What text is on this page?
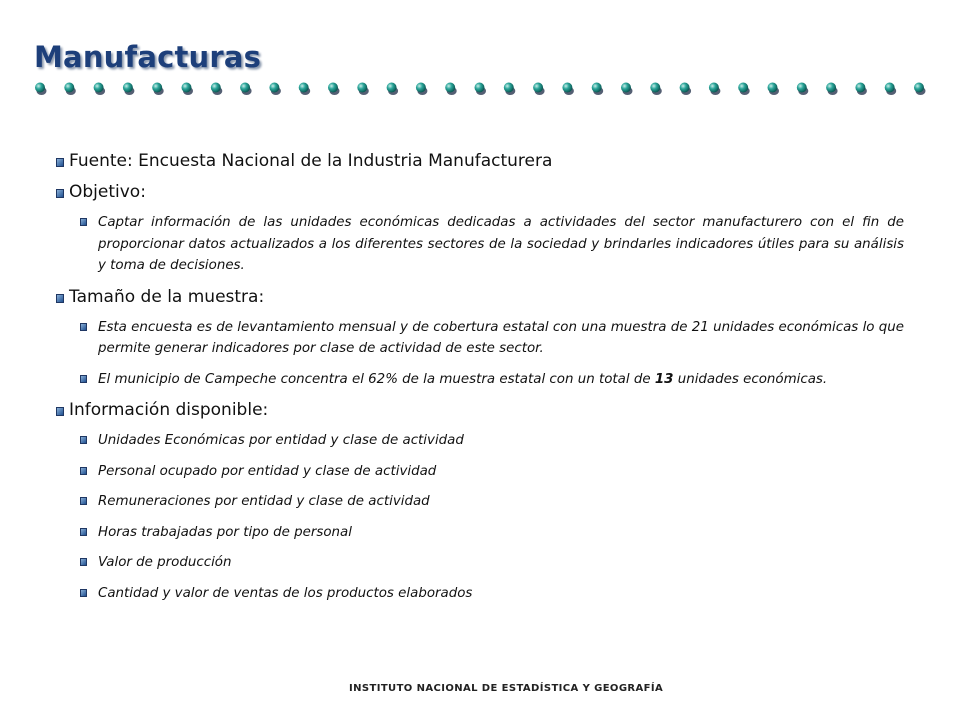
Manufacturas
Fuente: Encuesta Nacional de la Industria Manufacturera
Objetivo:
Captar información de las unidades económicas dedicadas a actividades del sector manufacturero con el fin de proporcionar datos actualizados a los diferentes sectores de la sociedad y brindarles indicadores útiles para su análisis y toma de decisiones.
Tamaño de la muestra:
Esta encuesta es de levantamiento mensual y de cobertura estatal con una muestra de 21 unidades económicas lo que permite generar indicadores por clase de actividad de este sector.
El municipio de Campeche concentra el 62% de la muestra estatal con un total de 13 unidades económicas.
Información disponible:
Unidades Económicas por entidad y clase de actividad
Personal ocupado por entidad y clase de actividad
Remuneraciones por entidad y clase de actividad
Horas trabajadas por tipo de personal
Valor de producción
Cantidad y valor de ventas de los productos elaborados
INSTITUTO NACIONAL DE ESTADÍSTICA Y GEOGRAFÍA
